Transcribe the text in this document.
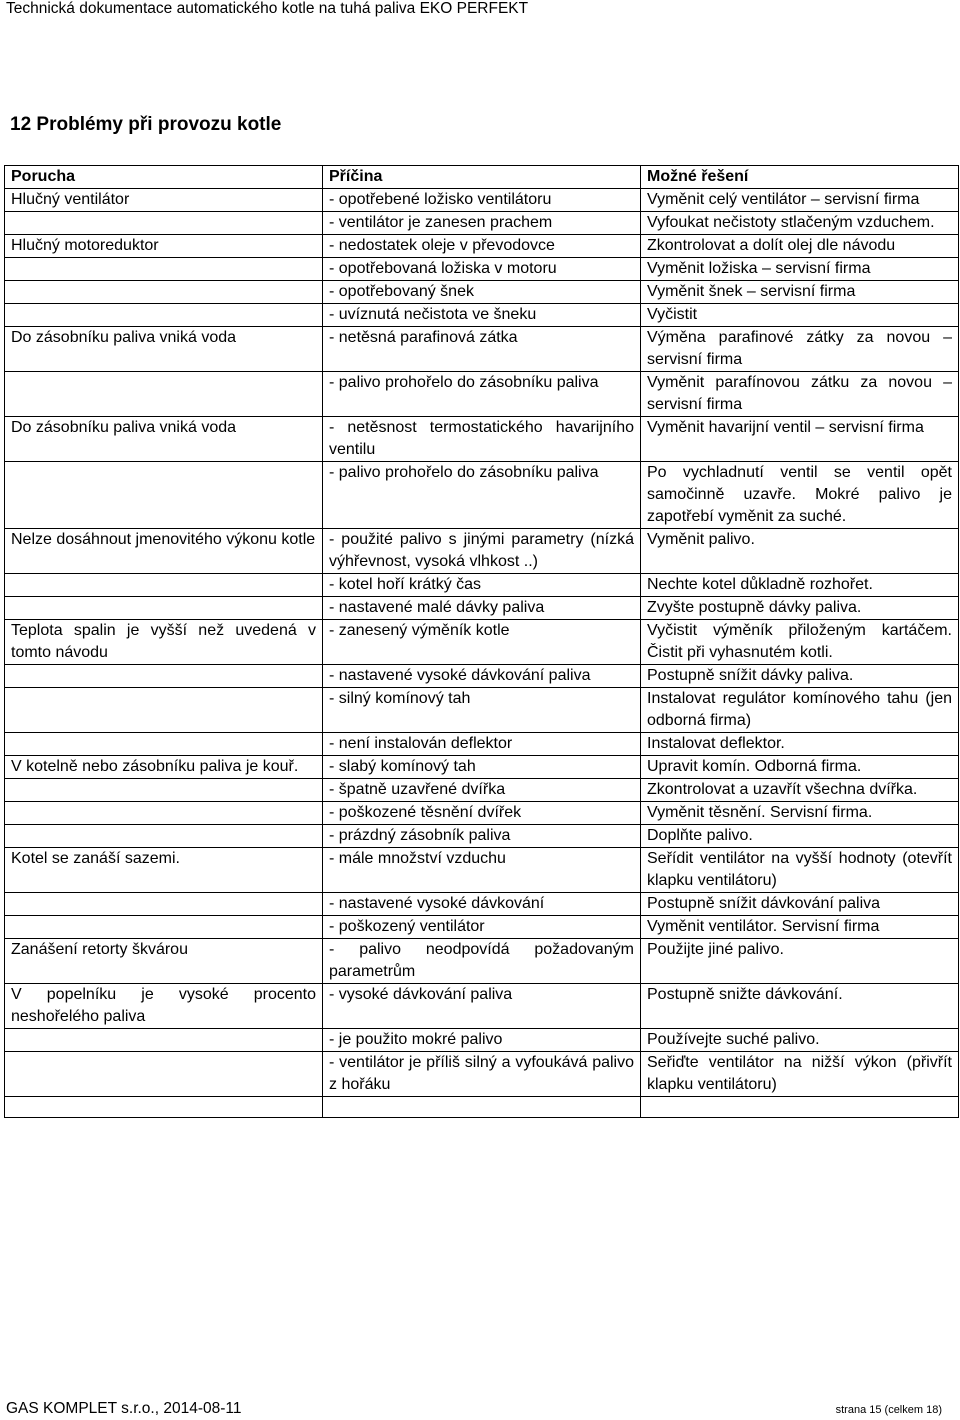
Technická dokumentace automatického kotle na tuhá paliva EKO PERFEKT
12 Problémy při provozu kotle
Porucha	Příčina	Možné řešení
Hlučný ventilátor	- opotřebené ložisko ventilátoru	Vyměnit celý ventilátor – servisní firma
	- ventilátor je zanesen prachem	Vyfoukat nečistoty stlačeným vzduchem.
Hlučný motoreduktor	- nedostatek oleje v převodovce	Zkontrolovat a dolít olej dle návodu
	- opotřebovaná ložiska v motoru	Vyměnit ložiska – servisní firma
	- opotřebovaný šnek	Vyměnit šnek – servisní firma
	- uvíznutá nečistota ve šneku	Vyčistit
Do zásobníku paliva vniká voda	- netěsná parafinová zátka	Výměna parafinové zátky za novou – servisní firma
	- palivo prohořelo do zásobníku paliva	Vyměnit parafínovou zátku za novou – servisní firma
Do zásobníku paliva vniká voda	- netěsnost termostatického havarijního ventilu	Vyměnit havarijní ventil – servisní firma
	- palivo prohořelo do zásobníku paliva	Po vychladnutí ventil se ventil opět samočinně uzavře. Mokré palivo je zapotřebí vyměnit za suché.
Nelze dosáhnout jmenovitého výkonu kotle	- použité palivo s jinými parametry (nízká výhřevnost, vysoká vlhkost ..)	Vyměnit palivo.
	- kotel hoří krátký čas	Nechte kotel důkladně rozhořet.
	- nastavené malé dávky paliva	Zvyšte postupně dávky paliva.
Teplota spalin je vyšší než uvedená v tomto návodu	- zanesený výměník kotle	Vyčistit výměník přiloženým kartáčem. Čistit při vyhasnutém kotli.
	- nastavené vysoké dávkování paliva	Postupně snížit dávky paliva.
	- silný komínový tah	Instalovat regulátor komínového tahu (jen odborná firma)
	- není instalován deflektor	Instalovat deflektor.
V kotelně nebo zásobníku paliva je kouř.	- slabý komínový tah	Upravit komín. Odborná firma.
	- špatně uzavřené dvířka	Zkontrolovat a uzavřít všechna dvířka.
	- poškozené těsnění dvířek	Vyměnit těsnění. Servisní firma.
	- prázdný zásobník paliva	Doplňte palivo.
Kotel se zanáší sazemi.	- mále množství vzduchu	Seřídit ventilátor na vyšší hodnoty (otevřít klapku ventilátoru)
	- nastavené vysoké dávkování	Postupně snížit dávkování paliva
	- poškozený ventilátor	Vyměnit ventilátor. Servisní firma
Zanášení retorty škvárou	- palivo neodpovídá požadovaným parametrům	Použijte jiné palivo.
V popelníku je vysoké procento neshořelého paliva	- vysoké dávkování paliva	Postupně snižte dávkování.
	- je použito mokré palivo	Používejte suché palivo.
	- ventilátor je příliš silný a vyfoukává palivo z hořáku	Seřiďte ventilátor na nižší výkon (přivřít klapku ventilátoru)

GAS KOMPLET s.r.o., 2014-08-11	strana 15 (celkem 18)
